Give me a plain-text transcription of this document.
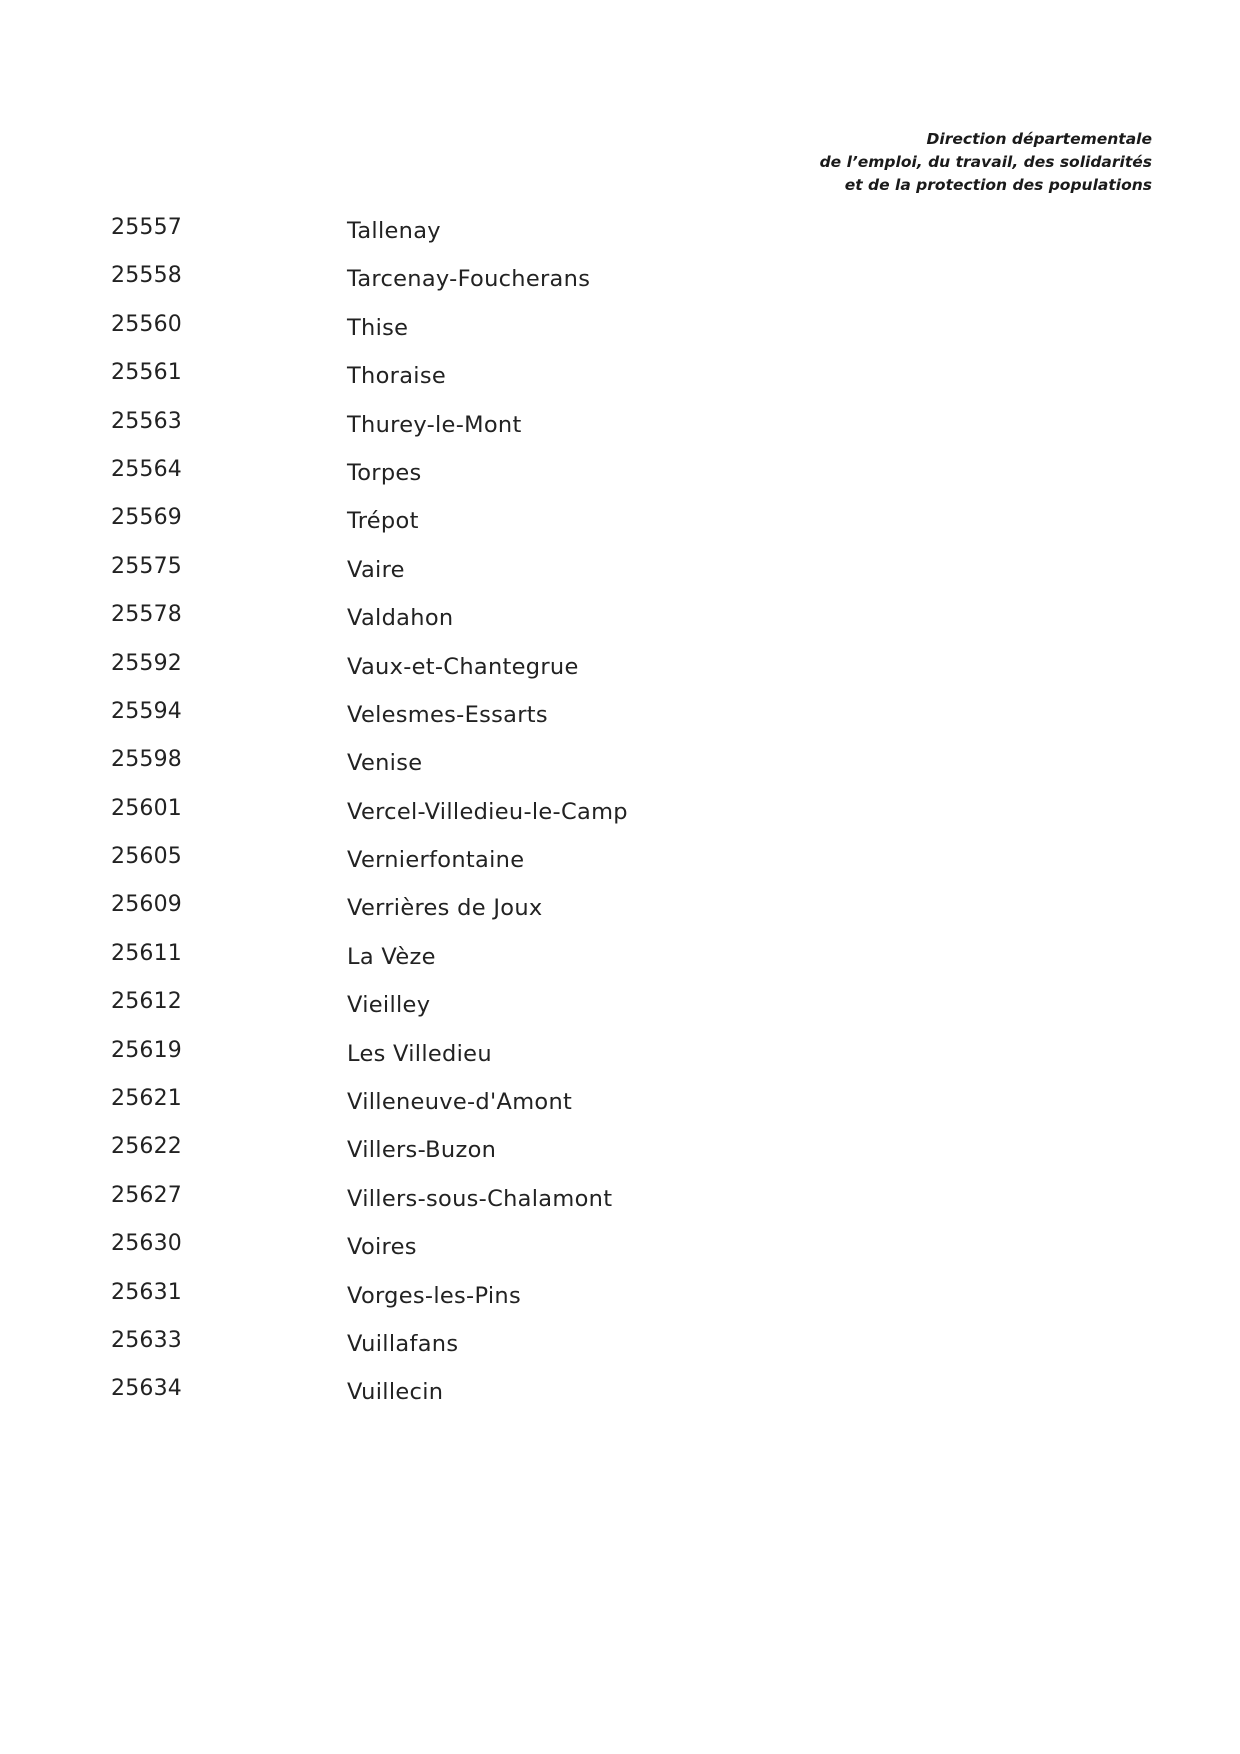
Direction départementale
de l’emploi, du travail, des solidarités
et de la protection des populations
25557	Tallenay
25558	Tarcenay-Foucherans
25560	Thise
25561	Thoraise
25563	Thurey-le-Mont
25564	Torpes
25569	Trépot
25575	Vaire
25578	Valdahon
25592	Vaux-et-Chantegrue
25594	Velesmes-Essarts
25598	Venise
25601	Vercel-Villedieu-le-Camp
25605	Vernierfontaine
25609	Verrières de Joux
25611	La Vèze
25612	Vieilley
25619	Les Villedieu
25621	Villeneuve-d'Amont
25622	Villers-Buzon
25627	Villers-sous-Chalamont
25630	Voires
25631	Vorges-les-Pins
25633	Vuillafans
25634	Vuillecin
